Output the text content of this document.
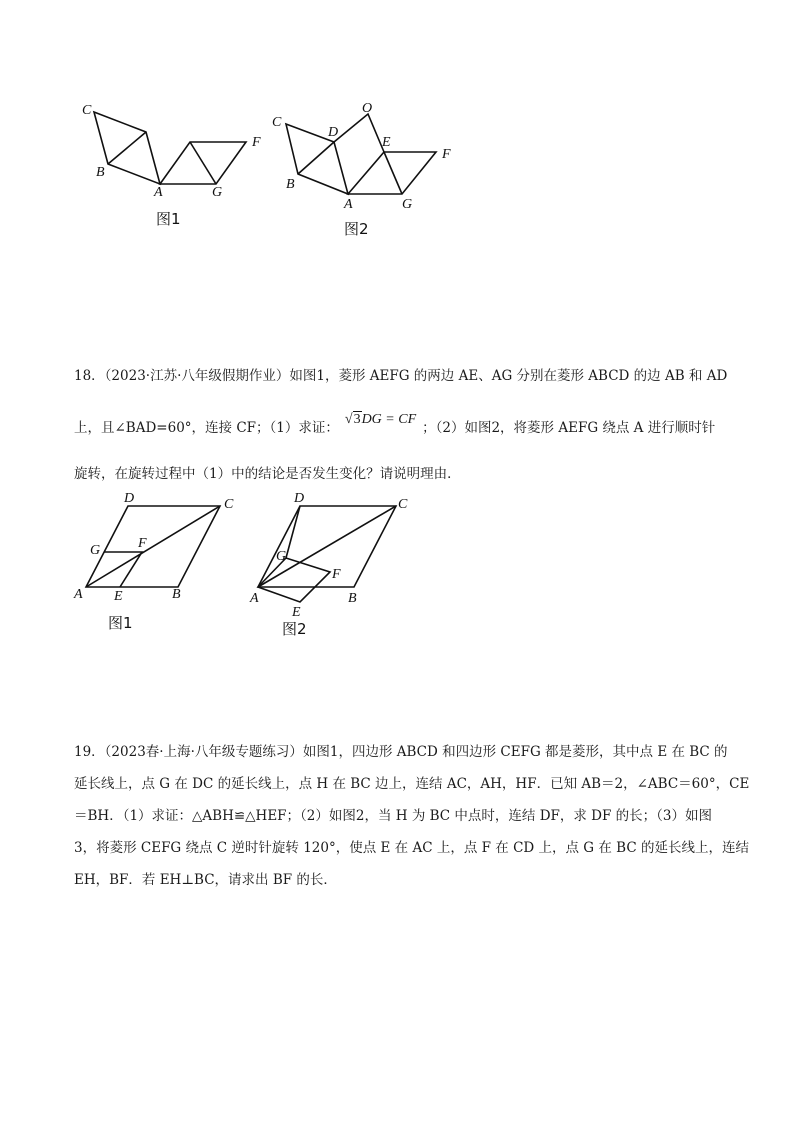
C
B
A	G
F
图1
C
D
O
E
F
B
A	G
图2
18．（2023·江苏·八年级假期作业）如图1，菱形 AEFG 的两边 AE、AG 分别在菱形 ABCD 的边 AB 和 AD
上，且∠BAD=60°，连接 CF；（1）求证：√3DG = CF；（2）如图2，将菱形 AEFG 绕点 A 进行顺时针
旋转，在旋转过程中（1）中的结论是否发生变化？请说明理由．
D	C
G	F
A E	B
图1
D	C
G
F
A
E
B
图2
19．（2023春·上海·八年级专题练习）如图1，四边形 ABCD 和四边形 CEFG 都是菱形，其中点 E 在 BC 的
延长线上，点 G 在 DC 的延长线上，点 H 在 BC 边上，连结 AC，AH，HF．已知 AB＝2，∠ABC＝60°，CE
＝BH．（1）求证：△ABH≌△HEF；（2）如图2，当 H 为 BC 中点时，连结 DF，求 DF 的长；（3）如图
3，将菱形 CEFG 绕点 C 逆时针旋转 120°，使点 E 在 AC 上，点 F 在 CD 上，点 G 在 BC 的延长线上，连结
EH，BF．若 EH⊥BC，请求出 BF 的长．
